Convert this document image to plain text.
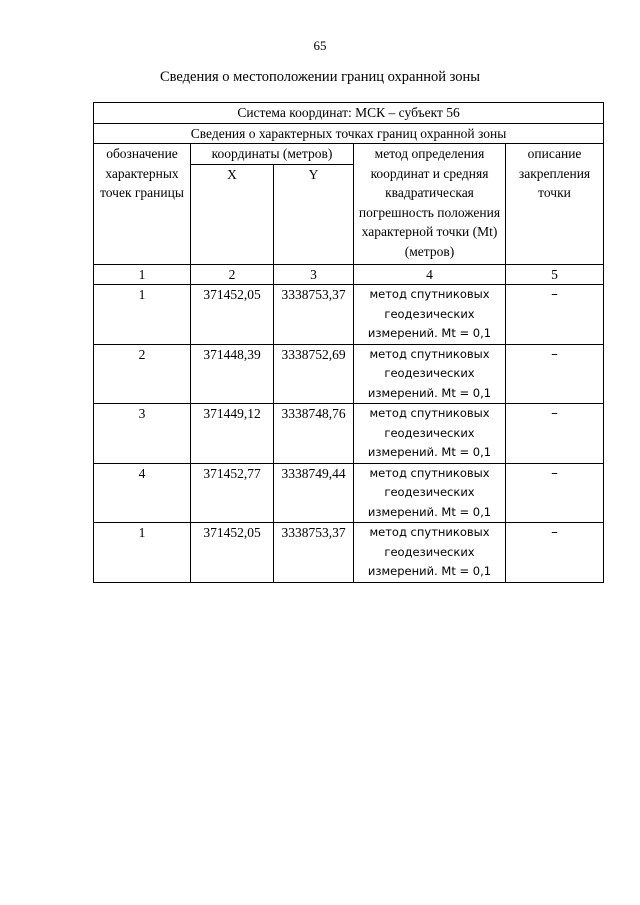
65
Сведения о местоположении границ охранной зоны
Система координат: МСК – субъект 56				
Сведения о характерных точках границ охранной зоны				
обозначение характерных точек границы	координаты (метров)		метод определения координат и средняя квадратическая погрешность положения характерной точки (Mt) (метров)	описание закрепления точки
	X	Y		
1	2	3	4	5
1	371452,05	3338753,37	метод спутниковых геодезических измерений. Mt = 0,1	–
2	371448,39	3338752,69	метод спутниковых геодезических измерений. Mt = 0,1	–
3	371449,12	3338748,76	метод спутниковых геодезических измерений. Mt = 0,1	–
4	371452,77	3338749,44	метод спутниковых геодезических измерений. Mt = 0,1	–
1	371452,05	3338753,37	метод спутниковых геодезических измерений. Mt = 0,1	–
